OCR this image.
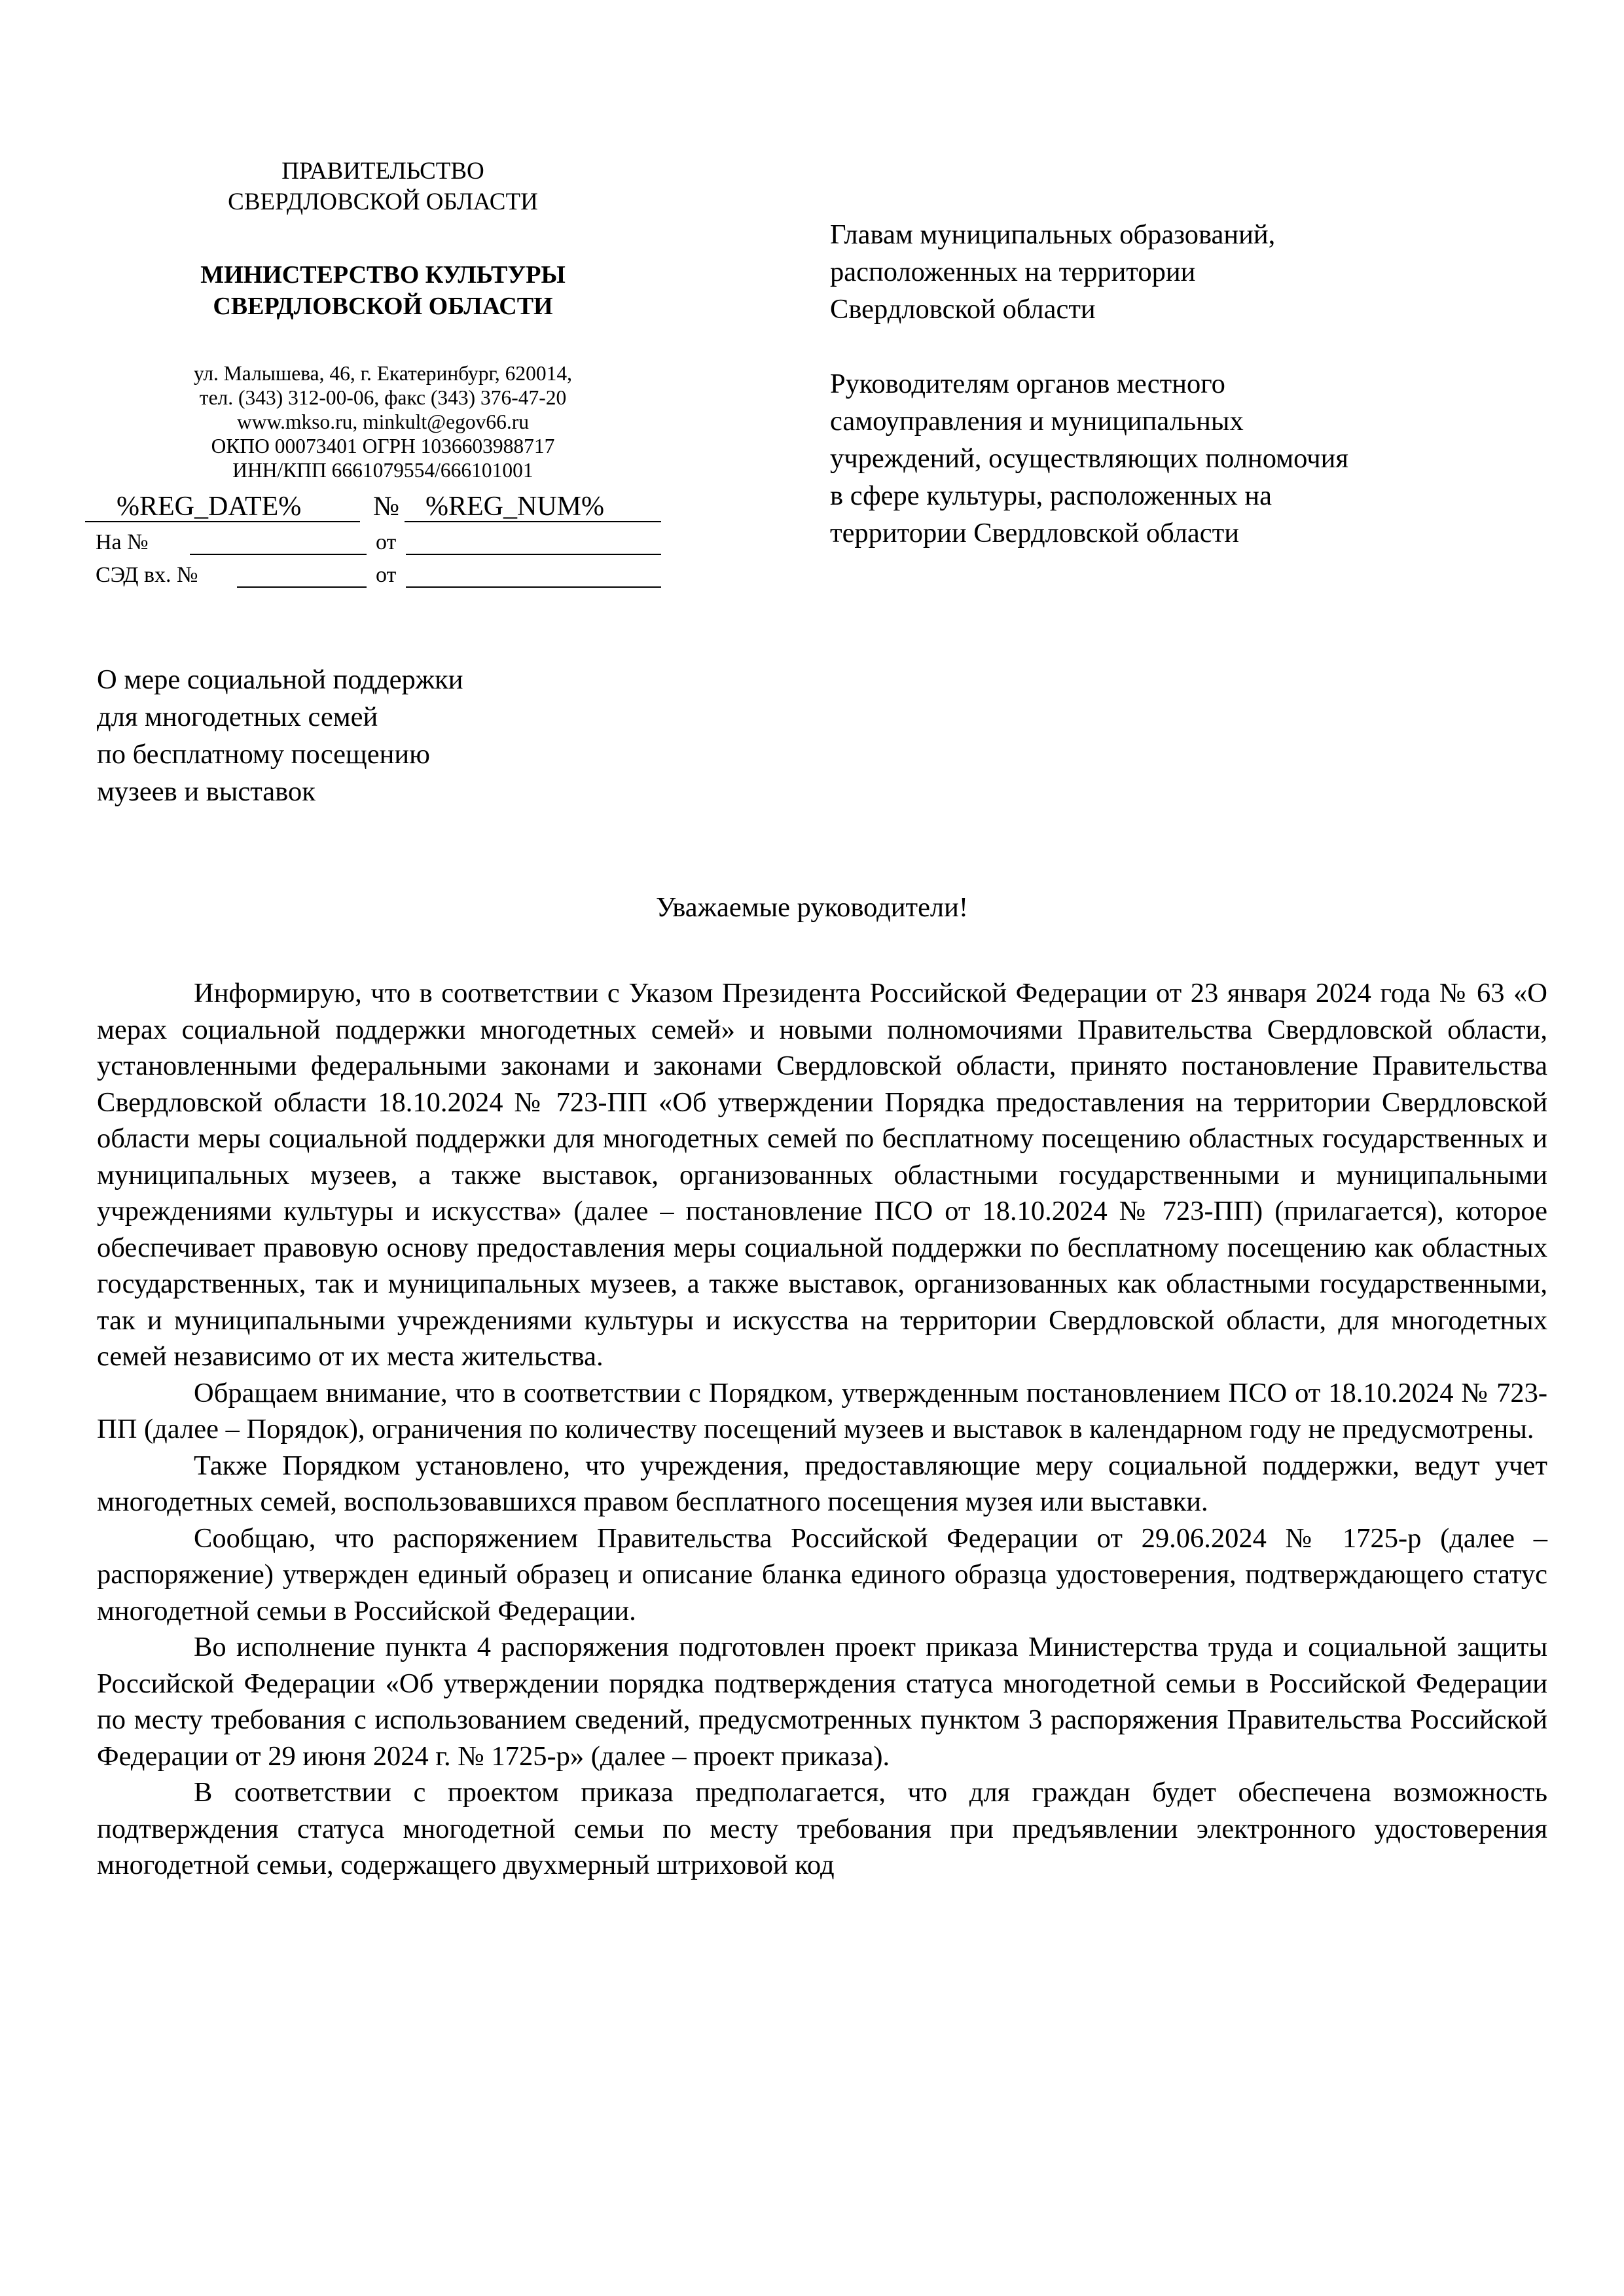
ПРАВИТЕЛЬСТВО
СВЕРДЛОВСКОЙ ОБЛАСТИ
МИНИСТЕРСТВО КУЛЬТУРЫ
СВЕРДЛОВСКОЙ ОБЛАСТИ
ул. Малышева, 46, г. Екатеринбург, 620014,
тел. (343) 312-00-06, факс (343) 376-47-20
www.mkso.ru, minkult@egov66.ru
ОКПО 00073401 ОГРН 1036603988717
ИНН/КПП 6661079554/666101001
%REG_DATE%	№ %REG_NUM%
На №	от
СЭД вх. №	от
Главам муниципальных образований,
расположенных на территории
Свердловской области
Руководителям органов местного
самоуправления и муниципальных
учреждений, осуществляющих полномочия
в сфере культуры, расположенных на
территории Свердловской области
О мере социальной поддержки
для многодетных семей
по бесплатному посещению
музеев и выставок
Уважаемые руководители!

Информирую, что в соответствии с Указом Президента Российской Федерации от 23 января 2024 года № 63 «О мерах социальной поддержки многодетных семей» и новыми полномочиями Правительства Свердловской области, установленными федеральными законами и законами Свердловской области, принято постановление Правительства Свердловской области 18.10.2024 № 723-ПП «Об утверждении Порядка предоставления на территории Свердловской области меры социальной поддержки для многодетных семей по бесплатному посещению областных государственных и муниципальных музеев, а также выставок, организованных областными государственными и муниципальными учреждениями культуры и искусства» (далее – постановление ПСО от 18.10.2024 № 723-ПП) (прилагается), которое обеспечивает правовую основу предоставления меры социальной поддержки по бесплатному посещению как областных государственных, так и муниципальных музеев, а также выставок, организованных как областными государственными, так и муниципальными учреждениями культуры и искусства на территории Свердловской области, для многодетных семей независимо от их места жительства.

Обращаем внимание, что в соответствии с Порядком, утвержденным постановлением ПСО от 18.10.2024 № 723-ПП (далее – Порядок), ограничения по количеству посещений музеев и выставок в календарном году не предусмотрены.

Также Порядком установлено, что учреждения, предоставляющие меру социальной поддержки, ведут учет многодетных семей, воспользовавшихся правом бесплатного посещения музея или выставки.

Сообщаю, что распоряжением Правительства Российской Федерации от 29.06.2024 № 1725-р (далее – распоряжение) утвержден единый образец и описание бланка единого образца удостоверения, подтверждающего статус многодетной семьи в Российской Федерации.

Во исполнение пункта 4 распоряжения подготовлен проект приказа Министерства труда и социальной защиты Российской Федерации «Об утверждении порядка подтверждения статуса многодетной семьи в Российской Федерации по месту требования с использованием сведений, предусмотренных пунктом 3 распоряжения Правительства Российской Федерации от 29 июня 2024 г. № 1725-р» (далее – проект приказа).

В соответствии с проектом приказа предполагается, что для граждан будет обеспечена возможность подтверждения статуса многодетной семьи по месту требования при предъявлении электронного удостоверения многодетной семьи, содержащего двухмерный штриховой код
